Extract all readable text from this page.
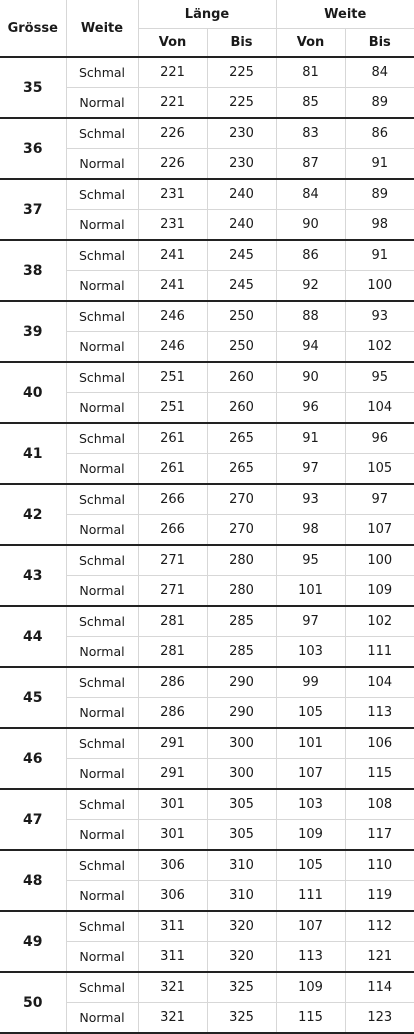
Grösse	Weite	Länge		Weite	
		Von	Bis	Von	Bis
35	Schmal	221	225	81	84
	Normal	221	225	85	89
36	Schmal	226	230	83	86
	Normal	226	230	87	91
37	Schmal	231	240	84	89
	Normal	231	240	90	98
38	Schmal	241	245	86	91
	Normal	241	245	92	100
39	Schmal	246	250	88	93
	Normal	246	250	94	102
40	Schmal	251	260	90	95
	Normal	251	260	96	104
41	Schmal	261	265	91	96
	Normal	261	265	97	105
42	Schmal	266	270	93	97
	Normal	266	270	98	107
43	Schmal	271	280	95	100
	Normal	271	280	101	109
44	Schmal	281	285	97	102
	Normal	281	285	103	111
45	Schmal	286	290	99	104
	Normal	286	290	105	113
46	Schmal	291	300	101	106
	Normal	291	300	107	115
47	Schmal	301	305	103	108
	Normal	301	305	109	117
48	Schmal	306	310	105	110
	Normal	306	310	111	119
49	Schmal	311	320	107	112
	Normal	311	320	113	121
50	Schmal	321	325	109	114
	Normal	321	325	115	123
